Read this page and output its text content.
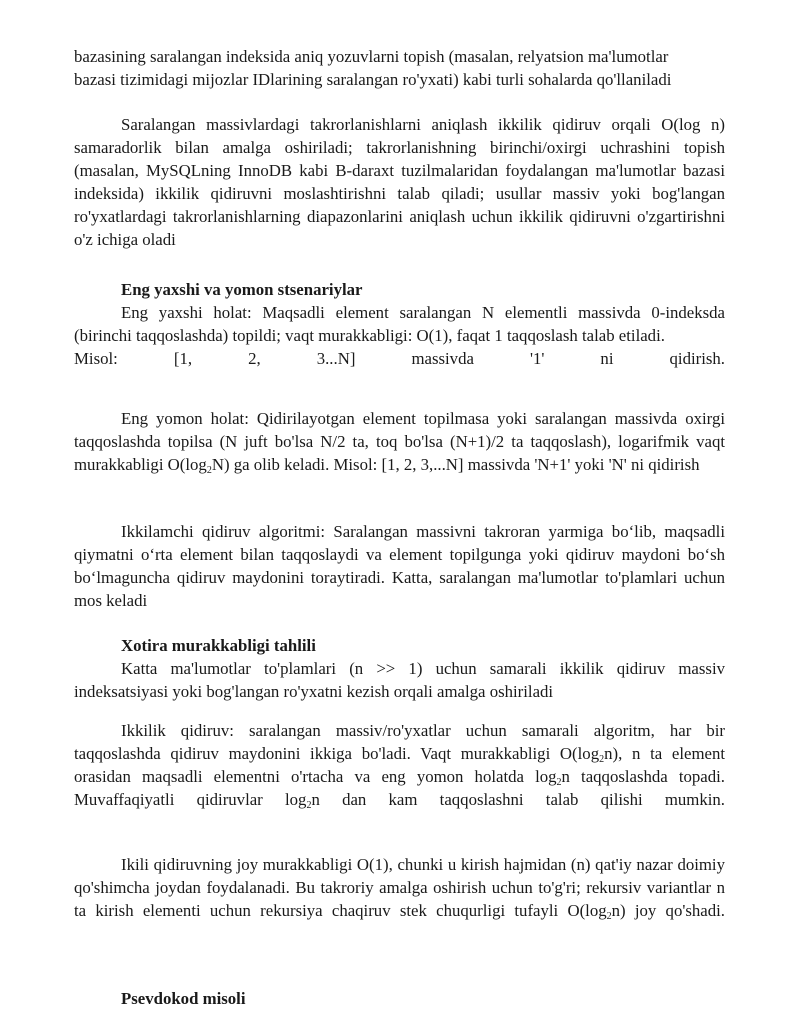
bazasining saralangan indeksida aniq yozuvlarni topish (masalan, relyatsion ma'lumotlar
bazasi tizimidagi mijozlar IDlarining saralangan ro'yxati) kabi turli sohalarda qo'llaniladi

Saralangan massivlardagi takrorlanishlarni aniqlash ikkilik qidiruv orqali O(log n) samaradorlik bilan amalga oshiriladi; takrorlanishning birinchi/oxirgi uchrashini topish (masalan, MySQLning InnoDB kabi B-daraxt tuzilmalaridan foydalangan ma'lumotlar bazasi indeksida) ikkilik qidiruvni moslashtirishni talab qiladi; usullar massiv yoki bog'langan ro'yxatlardagi takrorlanishlarning diapazonlarini aniqlash uchun ikkilik qidiruvni o'zgartirishni o'z ichiga oladi

Eng yaxshi va yomon stsenariylar

Eng yaxshi holat: Maqsadli element saralangan N elementli massivda 0-indeksda (birinchi taqqoslashda) topildi; vaqt murakkabligi: O(1), faqat 1 taqqoslash talab etiladi.

Misol: [1, 2, 3...N] massivda '1' ni qidirish.

Eng yomon holat: Qidirilayotgan element topilmasa yoki saralangan massivda oxirgi taqqoslashda topilsa (N juft bo'lsa N/2 ta, toq bo'lsa (N+1)/2 ta taqqoslash), logarifmik vaqt murakkabligi $O(\log_2N)$ ga olib keladi. Misol: [1, 2, 3,...N] massivda 'N+1' yoki 'N' ni qidirish

Ikkilamchi qidiruv algoritmi: Saralangan massivni takroran yarmiga bo‘lib, maqsadli qiymatni o‘rta element bilan taqqoslaydi va element topilgunga yoki qidiruv maydoni bo‘sh bo‘lmaguncha qidiruv maydonini toraytiradi. Katta, saralangan ma'lumotlar to'plamlari uchun mos keladi

Xotira murakkabligi tahlili

Katta ma'lumotlar to'plamlari (n >> 1) uchun samarali ikkilik qidiruv massiv indeksatsiyasi yoki bog'langan ro'yxatni kezish orqali amalga oshiriladi

Ikkilik qidiruv: saralangan massiv/ro'yxatlar uchun samarali algoritm, har bir taqqoslashda qidiruv maydonini ikkiga bo'ladi. Vaqt murakkabligi $O(\log_2n)$, n ta element orasidan maqsadli elementni o'rtacha va eng yomon holatda $\log_2n$ taqqoslashda topadi. Muvaffaqiyatli qidiruvlar $\log_2n$ dan kam taqqoslashni talab qilishi mumkin.

Ikili qidiruvning joy murakkabligi O(1), chunki u kirish hajmidan (n) qat'iy nazar doimiy qo'shimcha joydan foydalanadi. Bu takroriy amalga oshirish uchun to'g'ri; rekursiv variantlar n ta kirish elementi uchun rekursiya chaqiruv stek chuqurligi tufayli $O(\log_2n)$ joy qo'shadi.

Psevdokod misoli
